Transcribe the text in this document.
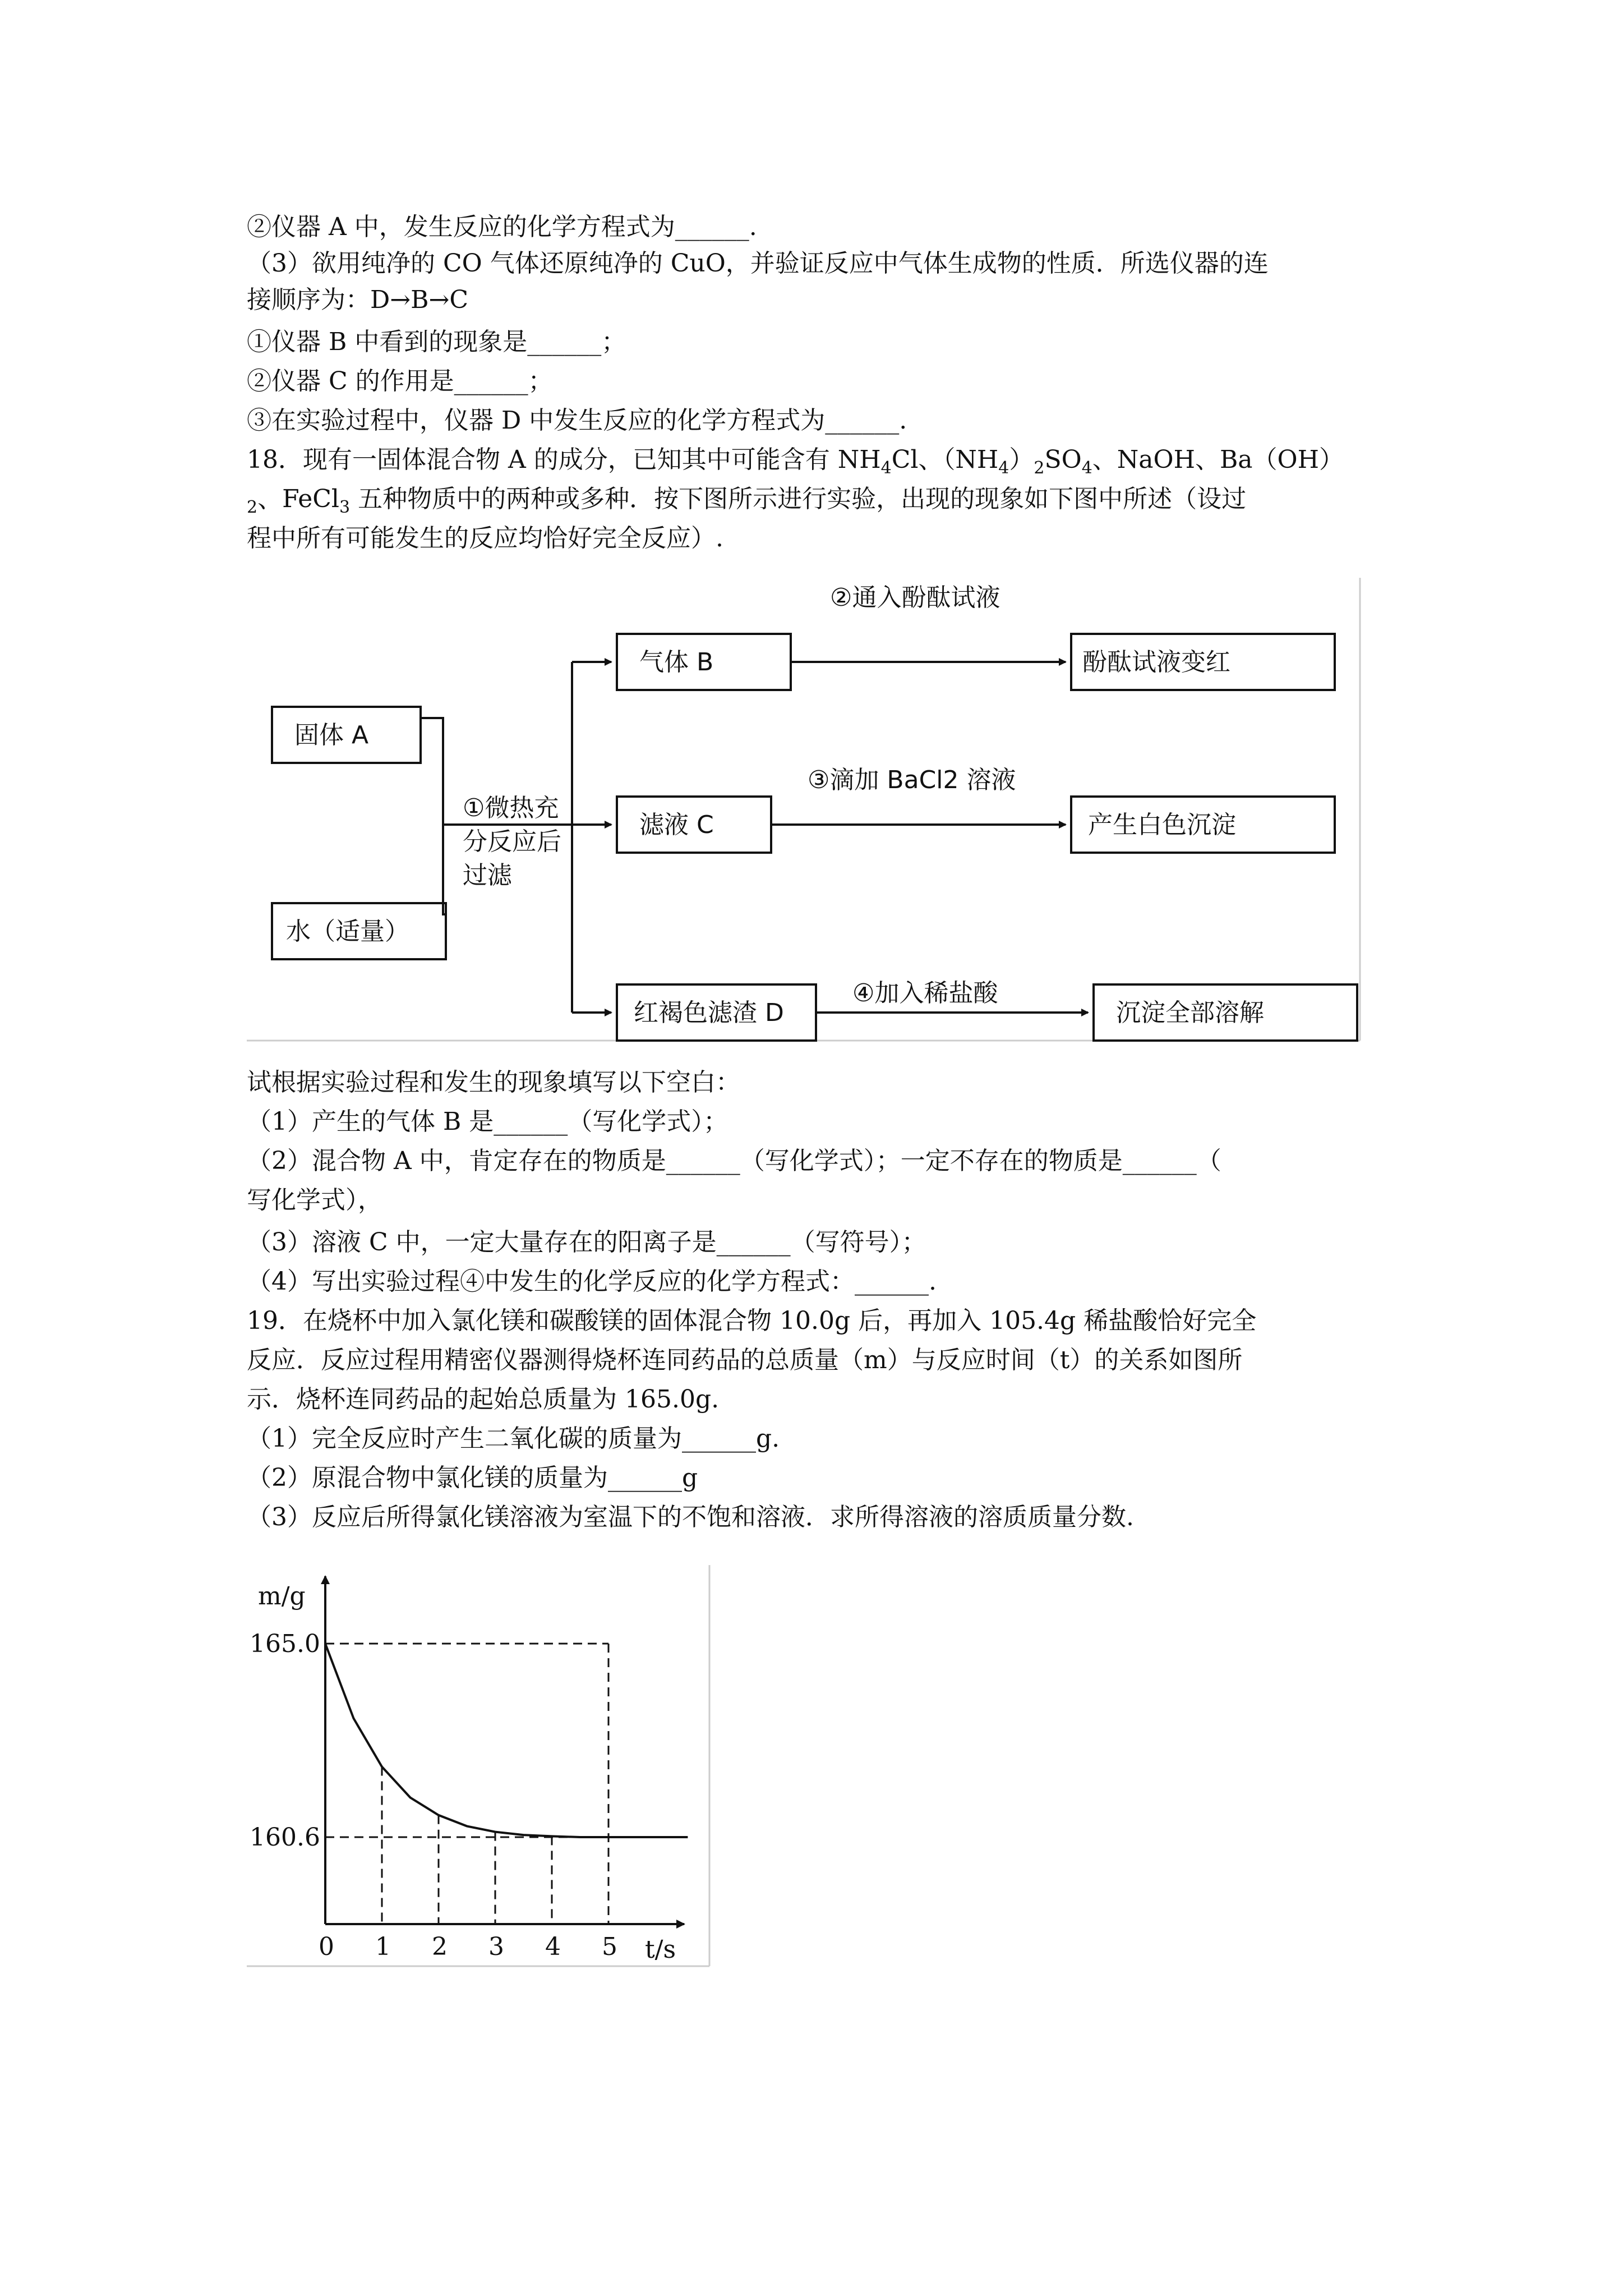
②仪器 A 中，发生反应的化学方程式为______.
（3）欲用纯净的 CO 气体还原纯净的 CuO，并验证反应中气体生成物的性质．所选仪器的连
接顺序为：D→B→C
①仪器 B 中看到的现象是______；
②仪器 C 的作用是______；
③在实验过程中，仪器 D 中发生反应的化学方程式为______.
18．现有一固体混合物 A 的成分，已知其中可能含有 $NH_4Cl$、$(NH_4)_2SO_4$、NaOH、Ba（OH）
$_2$、FeCl$_3$ 五种物质中的两种或多种．按下图所示进行实验，出现的现象如下图中所述（设过
程中所有可能发生的反应均恰好完全反应）.
固体 A
水（适量）
①微热充
分反应后
过滤
气体 B
滤液 C
红褐色滤渣 D
②通入酚酞试液
③滴加 BaCl2 溶液
④加入稀盐酸
酚酞试液变红
产生白色沉淀
沉淀全部溶解
试根据实验过程和发生的现象填写以下空白：
（1）产生的气体 B 是______（写化学式）；
（2）混合物 A 中，肯定存在的物质是______（写化学式）；一定不存在的物质是______（
写化学式），
（3）溶液 C 中，一定大量存在的阳离子是______（写符号）；
（4）写出实验过程④中发生的化学反应的化学方程式：______.
19．在烧杯中加入氯化镁和碳酸镁的固体混合物 10.0g 后，再加入 105.4g 稀盐酸恰好完全
反应．反应过程用精密仪器测得烧杯连同药品的总质量（m）与反应时间（t）的关系如图所
示．烧杯连同药品的起始总质量为 165.0g.
（1）完全反应时产生二氧化碳的质量为______g.
（2）原混合物中氯化镁的质量为______g
（3）反应后所得氯化镁溶液为室温下的不饱和溶液．求所得溶液的溶质质量分数.
m/g
t/s
0 1 2 3 4 5
165.0
160.6
